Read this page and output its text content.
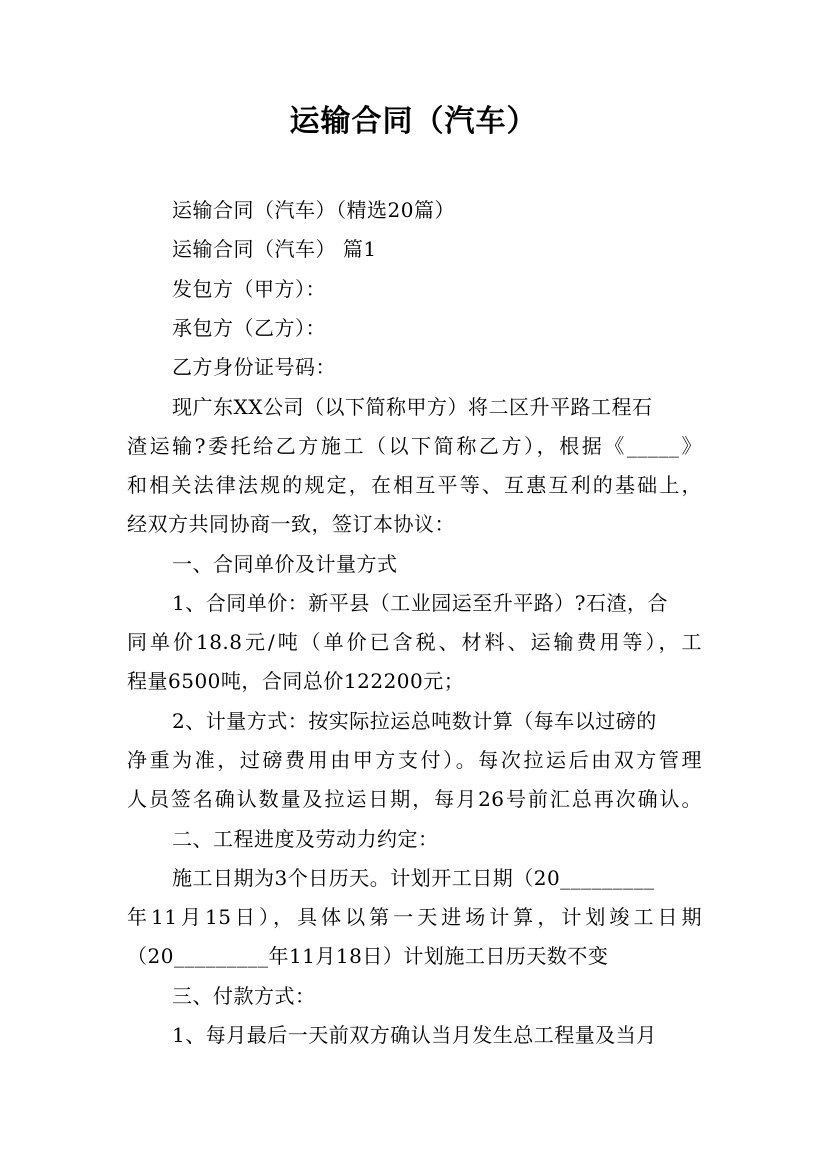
运输合同（汽车）
运输合同（汽车）（精选20篇）
运输合同（汽车） 篇1
发包方（甲方）：
承包方（乙方）：
乙方身份证号码：
现广东XX公司（以下简称甲方）将二区升平路工程石
渣运输?委托给乙方施工（以下简称乙方），根据《_____》
和相关法律法规的规定，在相互平等、互惠互利的基础上，
经双方共同协商一致，签订本协议：
一、合同单价及计量方式
1、合同单价：新平县（工业园运至升平路）?石渣，合
同单价18.8元/吨（单价已含税、材料、运输费用等），工
程量6500吨，合同总价122200元；
2、计量方式：按实际拉运总吨数计算（每车以过磅的
净重为准，过磅费用由甲方支付）。每次拉运后由双方管理
人员签名确认数量及拉运日期，每月26号前汇总再次确认。
二、工程进度及劳动力约定：
施工日期为3个日历天。计划开工日期（20_________
年11月15日），具体以第一天进场计算，计划竣工日期
（20_________年11月18日）计划施工日历天数不变
三、付款方式：
1、每月最后一天前双方确认当月发生总工程量及当月
